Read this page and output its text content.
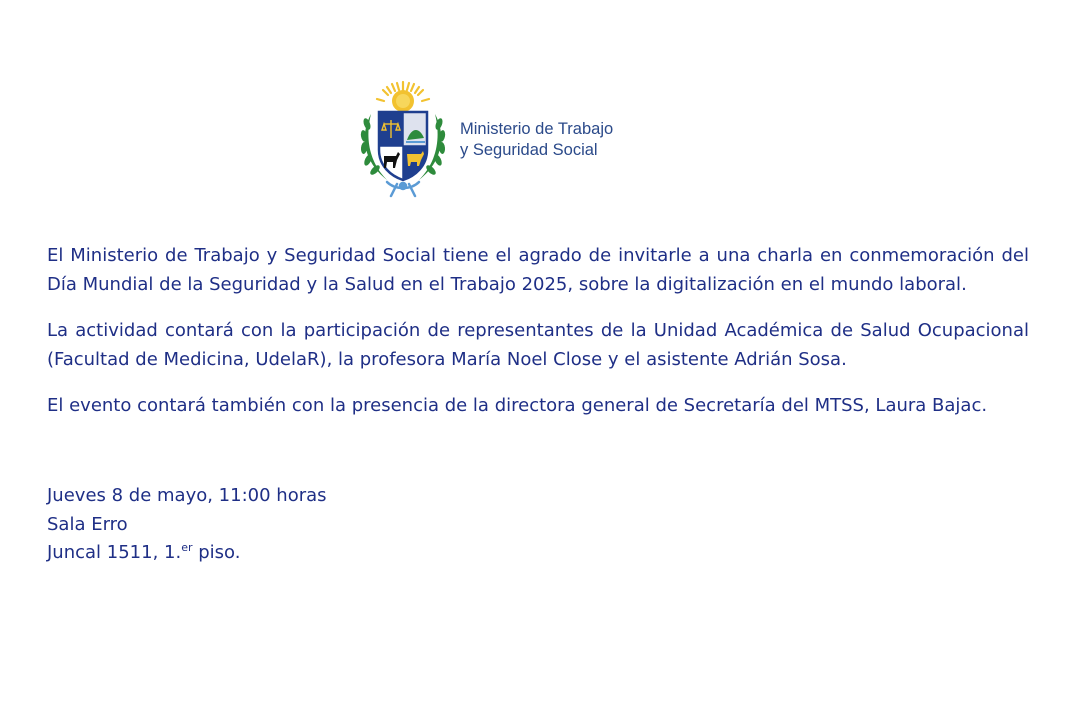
Ministerio de Trabajo
y Seguridad Social

El Ministerio de Trabajo y Seguridad Social tiene el agrado de invitarle a una charla en conmemoración del Día Mundial de la Seguridad y la Salud en el Trabajo 2025, sobre la digitalización en el mundo laboral.

La actividad contará con la participación de representantes de la Unidad Académica de Salud Ocupacional (Facultad de Medicina, UdelaR), la profesora María Noel Close y el asistente Adrián Sosa.

El evento contará también con la presencia de la directora general de Secretaría del MTSS, Laura Bajac.

Jueves 8 de mayo, 11:00 horas
Sala Erro
Juncal 1511, 1.$^{er}$ piso.
